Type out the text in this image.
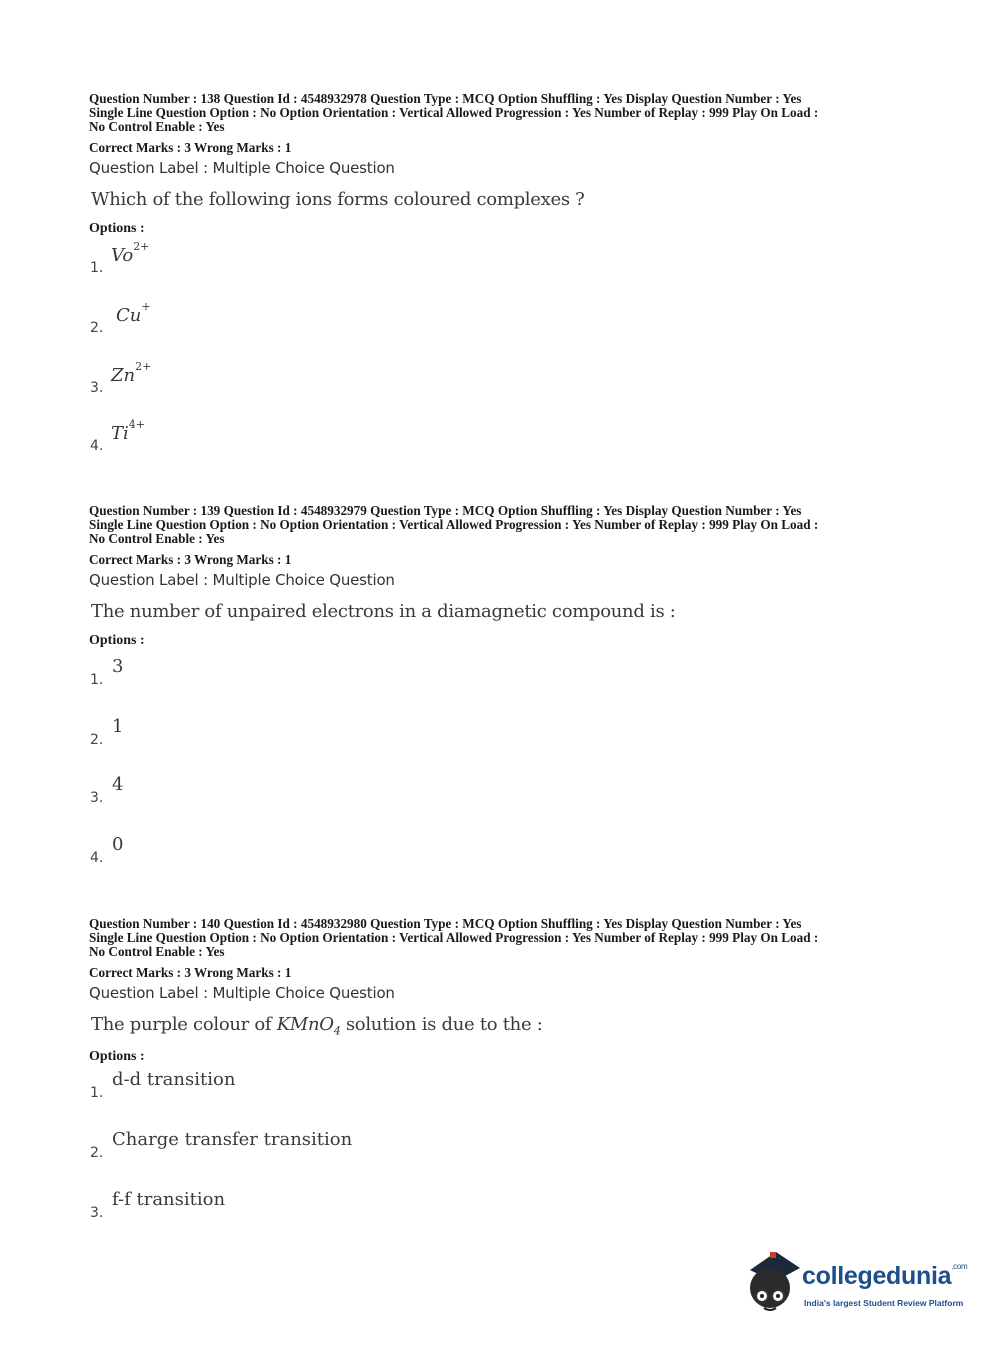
Question Number : 138 Question Id : 4548932978 Question Type : MCQ Option Shuffling : Yes Display Question Number : Yes
Single Line Question Option : No Option Orientation : Vertical Allowed Progression : Yes Number of Replay : 999 Play On Load :
No Control Enable : Yes

Correct Marks : 3 Wrong Marks : 1
Question Label : Multiple Choice Question
Which of the following ions forms coloured complexes ?
Options :
1.
$Vo^{2+}$
2.
Cu+
3.
$Zn^{2+}$
4.
$Ti^{4+}$

Question Number : 139 Question Id : 4548932979 Question Type : MCQ Option Shuffling : Yes Display Question Number : Yes
Single Line Question Option : No Option Orientation : Vertical Allowed Progression : Yes Number of Replay : 999 Play On Load :
No Control Enable : Yes

Correct Marks : 3 Wrong Marks : 1
Question Label : Multiple Choice Question
The number of unpaired electrons in a diamagnetic compound is :
Options :
1.
3
2.
1
3.
4
4.
0

Question Number : 140 Question Id : 4548932980 Question Type : MCQ Option Shuffling : Yes Display Question Number : Yes
Single Line Question Option : No Option Orientation : Vertical Allowed Progression : Yes Number of Replay : 999 Play On Load :
No Control Enable : Yes

Correct Marks : 3 Wrong Marks : 1
Question Label : Multiple Choice Question
The purple colour of KMnO$_4$ solution is due to the :
Options :
1.
d-d transition
2.
Charge transfer transition
3.
f-f transition
collegedunia$^{.com}$
India's largest Student Review Platform
